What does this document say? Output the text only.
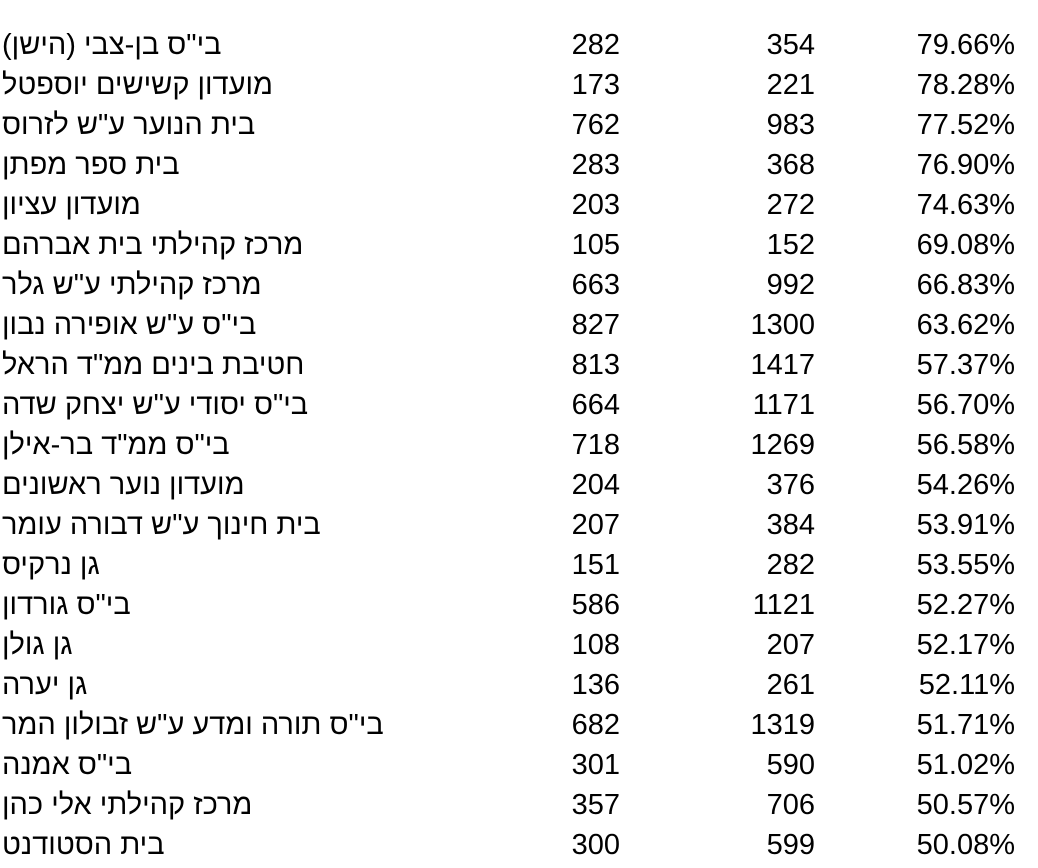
בי"ס בן-צבי (הישן)	282	354	79.66%
מועדון קשישים יוספטל	173	221	78.28%
בית הנוער ע"ש לזרוס	762	983	77.52%
בית ספר מפתן	283	368	76.90%
מועדון עציון	203	272	74.63%
מרכז קהילתי בית אברהם	105	152	69.08%
מרכז קהילתי ע"ש גלר	663	992	66.83%
בי"ס ע"ש אופירה נבון	827	1300	63.62%
חטיבת בינים ממ"ד הראל	813	1417	57.37%
בי"ס יסודי ע"ש יצחק שדה	664	1171	56.70%
בי"ס ממ"ד בר-אילן	718	1269	56.58%
מועדון נוער ראשונים	204	376	54.26%
בית חינוך ע"ש דבורה עומר	207	384	53.91%
גן נרקיס	151	282	53.55%
בי"ס גורדון	586	1121	52.27%
גן גולן	108	207	52.17%
גן יערה	136	261	52.11%
בי"ס תורה ומדע ע"ש זבולון המר	682	1319	51.71%
בי"ס אמנה	301	590	51.02%
מרכז קהילתי אלי כהן	357	706	50.57%
בית הסטודנט	300	599	50.08%
